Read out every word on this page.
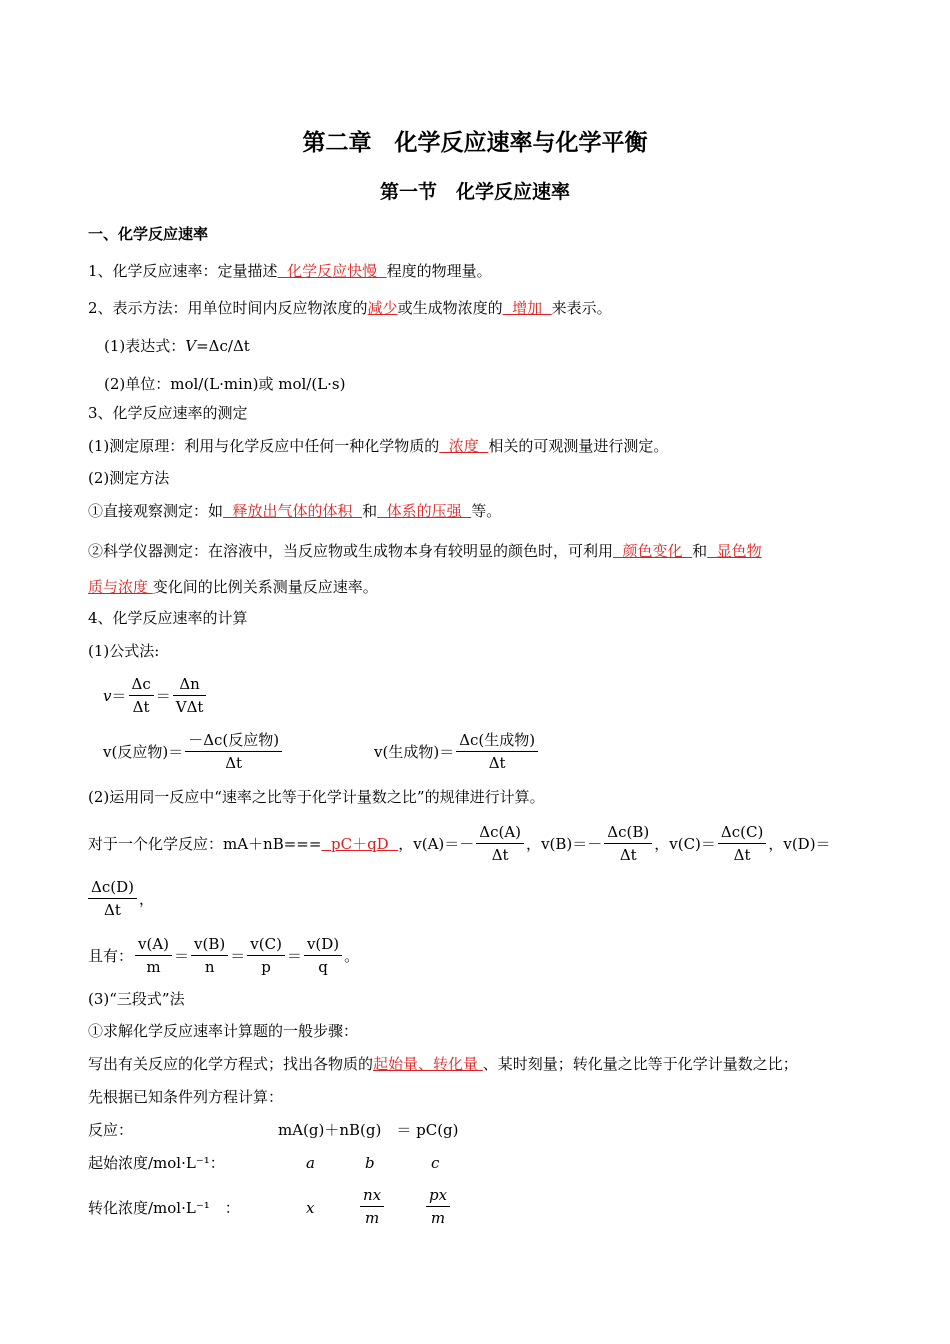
第二章　化学反应速率与化学平衡
第一节　化学反应速率
一、化学反应速率
1、化学反应速率：定量描述  化学反应快慢  程度的物理量。
2、表示方法：用单位时间内反应物浓度的减少或生成物浓度的  增加  来表示。
(1)表达式：V=Δc/Δt
(2)单位：mol/(L·min)或 mol/(L·s)
3、化学反应速率的测定
(1)测定原理：利用与化学反应中任何一种化学物质的  浓度  相关的可观测量进行测定。
(2)测定方法
①直接观察测定：如  释放出气体的体积  和  体系的压强  等。
②科学仪器测定：在溶液中，当反应物或生成物本身有较明显的颜色时，可利用  颜色变化  和  显色物
质与浓度 变化间的比例关系测量反应速率。
4、化学反应速率的计算
(1)公式法:
$v = \frac{\Delta c}{\Delta t} = \frac{\Delta n}{\text{VΔt}}$
v(反应物)＝ $\frac{\text{－Δc(反应物)}}{\Delta t}$	v(生成物)＝ $\frac{\text{Δc(生成物)}}{\Delta t}$
(2)运用同一反应中“速率之比等于化学计量数之比”的规律进行计算。
对于一个化学反应：mA＋nB=== pC＋qD ， $v(A)=- \frac{\Delta c(A)}{\Delta t}$ ， $v(B)=- \frac{\Delta c(B)}{\Delta t}$ ， $v(C)= \frac{\Delta c(C)}{\Delta t}$ ， v(D)＝
$\frac{\Delta c(D)}{\Delta t}$ ，
且有： $\frac{v(A)}{m} = \frac{v(B)}{n} = \frac{v(C)}{p} = \frac{v(D)}{q}$ 。
(3)“三段式”法
①求解化学反应速率计算题的一般步骤：
写出有关反应的化学方程式；找出各物质的起始量、转化量 、某时刻量；转化量之比等于化学计量数之比；
先根据已知条件列方程计算：
反应：	mA(g)＋nB(g)　＝ pC(g)
起始浓度/mol·L⁻¹：	a	b	c
转化浓度/mol·L⁻¹　：	x	$\frac{nx}{m}$	$\frac{px}{m}$
